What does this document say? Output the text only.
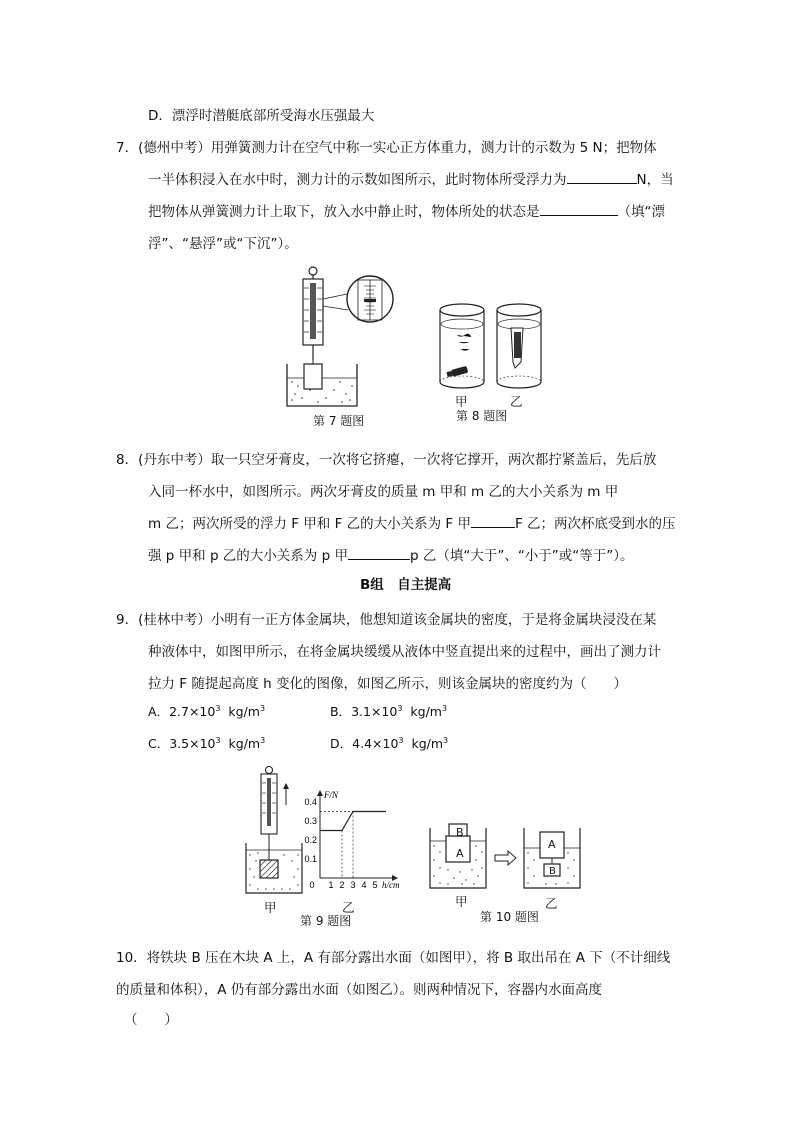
D．漂浮时潜艇底部所受海水压强最大
7．(德州中考）用弹簧测力计在空气中称一实心正方体重力，测力计的示数为 5 N；把物体
一半体积浸入在水中时，测力计的示数如图所示，此时物体所受浮力为	N，当
把物体从弹簧测力计上取下，放入水中静止时，物体所处的状态是	（填“漂
浮”、“悬浮”或“下沉”）。
第 7 题图
甲	乙
第 8 题图
8．(丹东中考）取一只空牙膏皮，一次将它挤瘪，一次将它撑开，两次都拧紧盖后，先后放
入同一杯水中，如图所示。两次牙膏皮的质量 m 甲和 m 乙的大小关系为 m 甲
m 乙；两次所受的浮力 F 甲和 F 乙的大小关系为 F 甲	F 乙；两次杯底受到水的压
强 p 甲和 p 乙的大小关系为 p 甲	p 乙（填“大于”、“小于”或“等于”）。
B组　自主提高
9．(桂林中考）小明有一正方体金属块，他想知道该金属块的密度，于是将金属块浸没在某
种液体中，如图甲所示，在将金属块缓缓从液体中竖直提出来的过程中，画出了测力计
拉力 F 随提起高度 h 变化的图像，如图乙所示，则该金属块的密度约为（　　）
A．$2.7\times 10^3$ $kg/m^3$	B．$3.1\times 10^3$ $kg/m^3$
C．$3.5\times 10^3$ $kg/m^3$	D．$4.4\times 10^3$ $kg/m^3$
甲
h/cm
F/N
0.1
0.2
0.3
0.4
0 1 2 3 4 5
乙
第 9 题图
B
A
A
B
甲	乙
第 10 题图
10．将铁块 B 压在木块 A 上，A 有部分露出水面（如图甲），将 B 取出吊在 A 下（不计细线
的质量和体积），A 仍有部分露出水面（如图乙）。则两种情况下，容器内水面高度
（　　）
